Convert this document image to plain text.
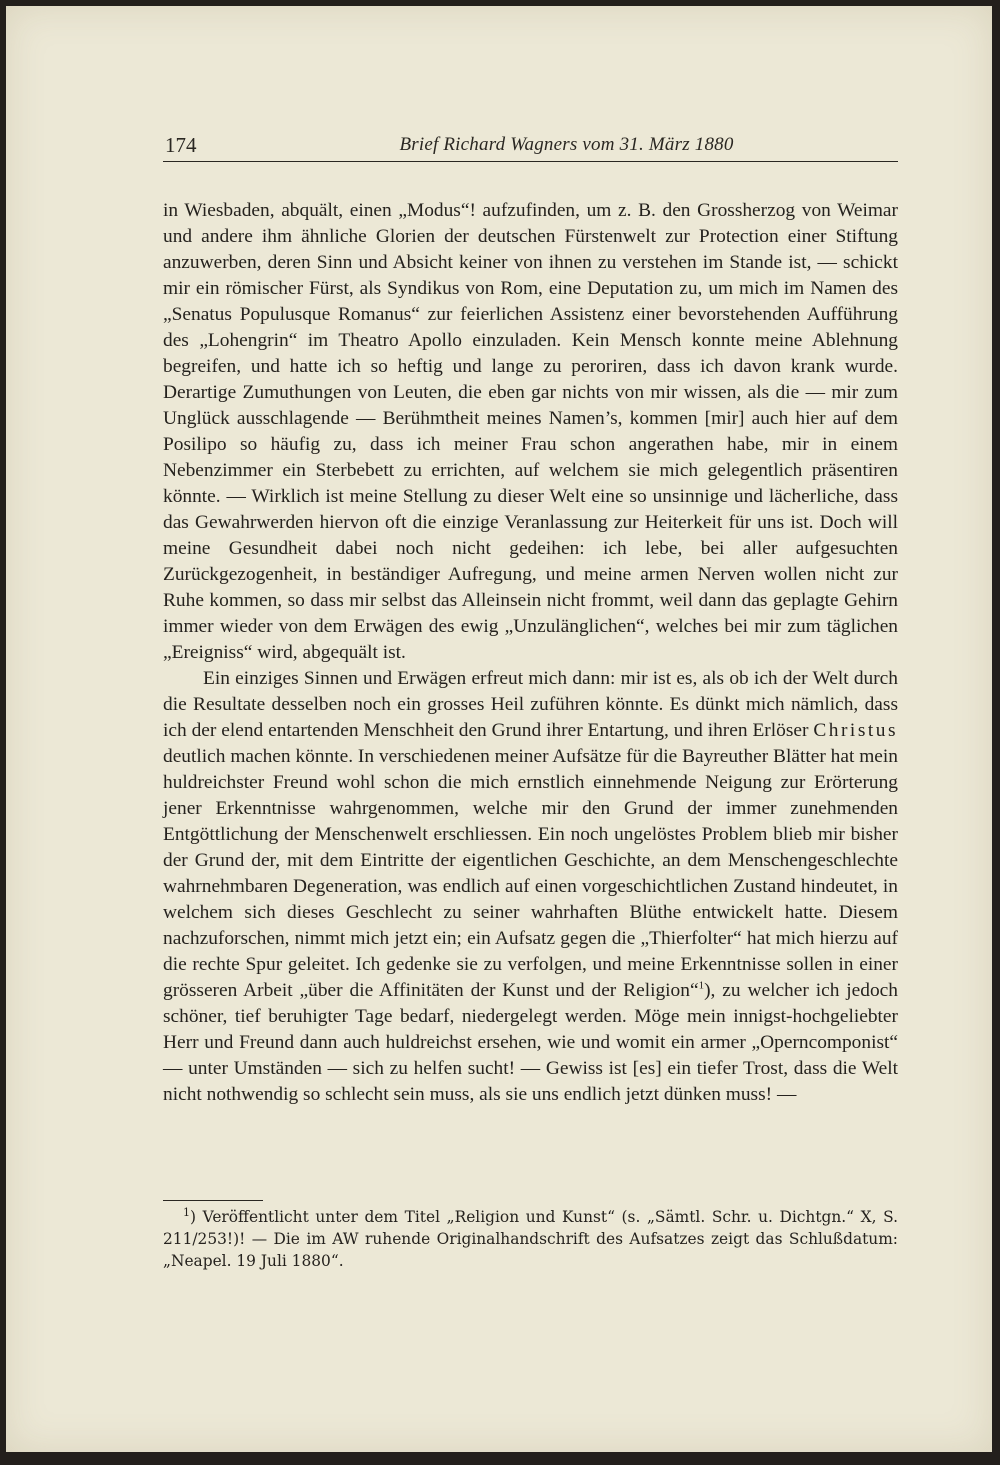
174	Brief Richard Wagners vom 31. März 1880

in Wiesbaden, abquält, einen „Modus“! aufzufinden, um z. B. den Grossherzog von Weimar und andere ihm ähnliche Glorien der deutschen Fürstenwelt zur Protection einer Stiftung anzuwerben, deren Sinn und Absicht keiner von ihnen zu verstehen im Stande ist, — schickt mir ein römischer Fürst, als Syndikus von Rom, eine Deputation zu, um mich im Namen des „Senatus Populusque Romanus“ zur feierlichen Assistenz einer bevorstehenden Aufführung des „Lohengrin“ im Theatro Apollo einzuladen. Kein Mensch konnte meine Ablehnung begreifen, und hatte ich so heftig und lange zu peroriren, dass ich davon krank wurde. Derartige Zumuthungen von Leuten, die eben gar nichts von mir wissen, als die — mir zum Unglück ausschlagende — Berühmtheit meines Namen’s, kommen [mir] auch hier auf dem Posilipo so häufig zu, dass ich meiner Frau schon angerathen habe, mir in einem Nebenzimmer ein Sterbebett zu errichten, auf welchem sie mich gelegentlich präsentiren könnte. — Wirklich ist meine Stellung zu dieser Welt eine so unsinnige und lächerliche, dass das Gewahrwerden hiervon oft die einzige Veranlassung zur Heiterkeit für uns ist. Doch will meine Gesundheit dabei noch nicht gedeihen: ich lebe, bei aller aufgesuchten Zurückgezogenheit, in beständiger Aufregung, und meine armen Nerven wollen nicht zur Ruhe kommen, so dass mir selbst das Alleinsein nicht frommt, weil dann das geplagte Gehirn immer wieder von dem Erwägen des ewig „Unzulänglichen“, welches bei mir zum täglichen „Ereigniss“ wird, abgequält ist.

Ein einziges Sinnen und Erwägen erfreut mich dann: mir ist es, als ob ich der Welt durch die Resultate desselben noch ein grosses Heil zuführen könnte. Es dünkt mich nämlich, dass ich der elend entartenden Menschheit den Grund ihrer Entartung, und ihren Erlöser Christus deutlich machen könnte. In verschiedenen meiner Aufsätze für die Bayreuther Blätter hat mein huldreichster Freund wohl schon die mich ernstlich einnehmende Neigung zur Erörterung jener Erkenntnisse wahrgenommen, welche mir den Grund der immer zunehmenden Entgöttlichung der Menschenwelt erschliessen. Ein noch ungelöstes Problem blieb mir bisher der Grund der, mit dem Eintritte der eigentlichen Geschichte, an dem Menschengeschlechte wahrnehmbaren Degeneration, was endlich auf einen vorgeschichtlichen Zustand hindeutet, in welchem sich dieses Geschlecht zu seiner wahrhaften Blüthe entwickelt hatte. Diesem nachzuforschen, nimmt mich jetzt ein; ein Aufsatz gegen die „Thierfolter“ hat mich hierzu auf die rechte Spur geleitet. Ich gedenke sie zu verfolgen, und meine Erkenntnisse sollen in einer grösseren Arbeit „über die Affinitäten der Kunst und der Religion“$^1$), zu welcher ich jedoch schöner, tief beruhigter Tage bedarf, niedergelegt werden. Möge mein innigst-hochgeliebter Herr und Freund dann auch huldreichst ersehen, wie und womit ein armer „Operncomponist“ — unter Umständen — sich zu helfen sucht! — Gewiss ist [es] ein tiefer Trost, dass die Welt nicht nothwendig so schlecht sein muss, als sie uns endlich jetzt dünken muss! —

$^1$) Veröffentlicht unter dem Titel „Religion und Kunst“ (s. „Sämtl. Schr. u. Dichtgn.“ X, S. 211/253!)! — Die im AW ruhende Originalhandschrift des Aufsatzes zeigt das Schlußdatum: „Neapel. 19 Juli 1880“.
